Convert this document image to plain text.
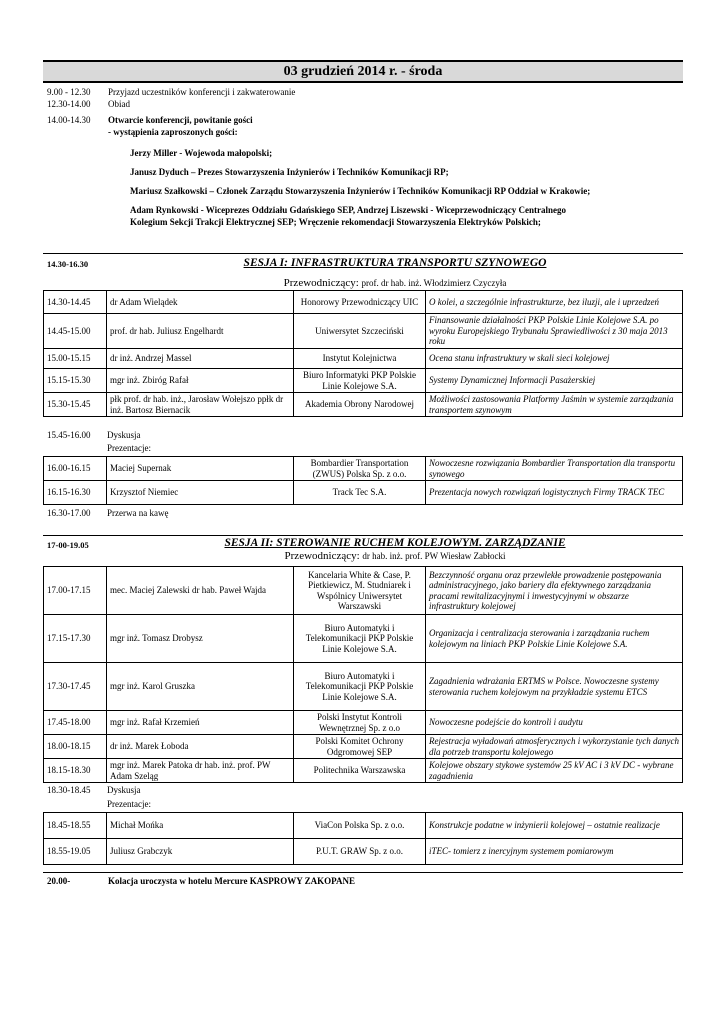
03 grudzień 2014 r. - środa
9.00 - 12.30	Przyjazd uczestników konferencji i zakwaterowanie
12.30-14.00	Obiad
14.00-14.30	Otwarcie konferencji, powitanie gości
- wystąpienia zaproszonych gości:
Jerzy Miller - Wojewoda małopolski;
Janusz Dyduch – Prezes Stowarzyszenia Inżynierów i Techników Komunikacji RP;
Mariusz Szałkowski – Członek Zarządu Stowarzyszenia Inżynierów i Techników Komunikacji RP Oddział w Krakowie;
Adam Rynkowski - Wiceprezes Oddziału Gdańskiego SEP, Andrzej Liszewski - Wiceprzewodniczący Centralnego
Kolegium Sekcji Trakcji Elektrycznej SEP; Wręczenie rekomendacji Stowarzyszenia Elektryków Polskich;
14.30-16.30	SESJA I: INFRASTRUKTURA TRANSPORTU SZYNOWEGO
Przewodniczący: prof. dr hab. inż. Włodzimierz Czyczyła
14.30-14.45	dr Adam Wielądek	Honorowy Przewodniczący UIC	O kolei, a szczególnie infrastrukturze, bez iluzji, ale i uprzedzeń
14.45-15.00	prof. dr hab. Juliusz Engelhardt	Uniwersytet Szczeciński	Finansowanie działalności PKP Polskie Linie Kolejowe S.A. po wyroku Europejskiego Trybunału Sprawiedliwości z 30 maja 2013 roku
15.00-15.15	dr inż. Andrzej Massel	Instytut Kolejnictwa	Ocena stanu infrastruktury w skali sieci kolejowej
15.15-15.30	mgr inż. Zbiróg Rafał	Biuro Informatyki PKP Polskie Linie Kolejowe S.A.	Systemy Dynamicznej Informacji Pasażerskiej
15.30-15.45	płk prof. dr hab. inż., Jarosław Wołejszo ppłk dr inż. Bartosz Biernacik	Akademia Obrony Narodowej	Możliwości zastosowania Platformy Jaśmin w systemie zarządzania transportem szynowym
15.45-16.00 Dyskusja
Prezentacje:
16.00-16.15	Maciej Supernak	Bombardier Transportation (ZWUS) Polska Sp. z o.o.	Nowoczesne rozwiązania Bombardier Transportation dla transportu synowego
16.15-16.30	Krzysztof Niemiec	Track Tec S.A.	Prezentacja nowych rozwiązań logistycznych Firmy TRACK TEC
16.30-17.00 Przerwa na kawę
17-00-19.05	SESJA II: STEROWANIE RUCHEM KOLEJOWYM. ZARZĄDZANIE
Przewodniczący: dr hab. inż. prof. PW Wiesław Zabłocki
17.00-17.15	mec. Maciej Zalewski dr hab. Paweł Wajda	Kancelaria White & Case, P. Pietkiewicz, M. Studniarek i Wspólnicy Uniwersytet Warszawski	Bezczynność organu oraz przewlekłe prowadzenie postępowania administracyjnego, jako bariery dla efektywnego zarządzania pracami rewitalizacyjnymi i inwestycyjnymi w obszarze infrastruktury kolejowej
17.15-17.30	mgr inż. Tomasz Drobysz	Biuro Automatyki i Telekomunikacji PKP Polskie Linie Kolejowe S.A.	Organizacja i centralizacja sterowania i zarządzania ruchem kolejowym na liniach PKP Polskie Linie Kolejowe S.A.
17.30-17.45	mgr inż. Karol Gruszka	Biuro Automatyki i Telekomunikacji PKP Polskie Linie Kolejowe S.A.	Zagadnienia wdrażania ERTMS w Polsce. Nowoczesne systemy sterowania ruchem kolejowym na przykładzie systemu ETCS
17.45-18.00	mgr inż. Rafał Krzemień	Polski Instytut Kontroli Wewnętrznej Sp. z o.o	Nowoczesne podejście do kontroli i audytu
18.00-18.15	dr inż. Marek Łoboda	Polski Komitet Ochrony Odgromowej SEP	Rejestracja wyładowań atmosferycznych i wykorzystanie tych danych dla potrzeb transportu kolejowego
18.15-18.30	mgr inż. Marek Patoka dr hab. inż. prof. PW Adam Szeląg	Politechnika Warszawska	Kolejowe obszary stykowe systemów 25 kV AC i 3 kV DC - wybrane zagadnienia
18.30-18.45 Dyskusja
Prezentacje:
18.45-18.55	Michał Mońka	ViaCon Polska Sp. z o.o.	Konstrukcje podatne w inżynierii kolejowej – ostatnie realizacje
18.55-19.05	Juliusz Grabczyk	P.U.T. GRAW Sp. z o.o.	iTEC- tomierz z inercyjnym systemem pomiarowym
20.00-	Kolacja uroczysta w hotelu Mercure KASPROWY ZAKOPANE
